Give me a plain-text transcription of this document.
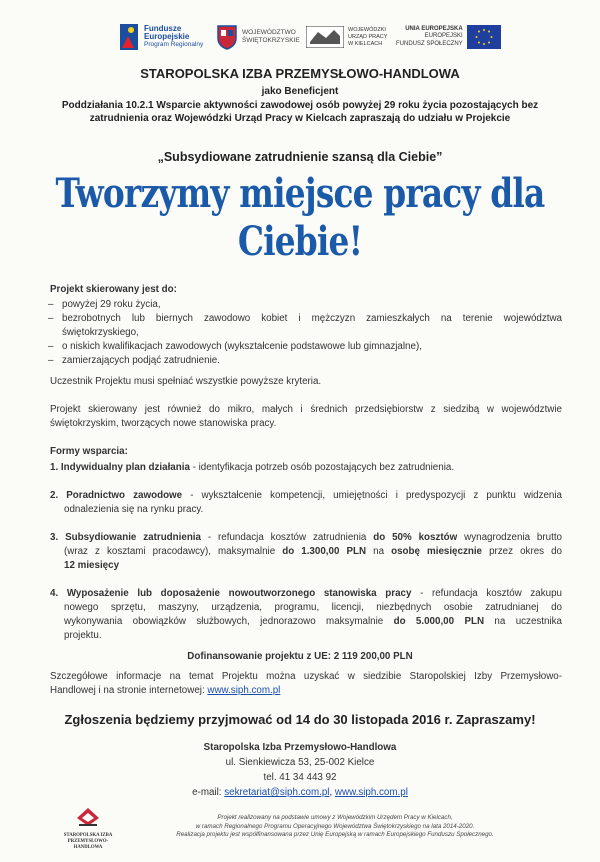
Fundusze
Europejskie
Program Regionalny
WOJEWÓDZTWO
ŚWIĘTOKRZYSKIE
WOJEWÓDZKI
URZĄD PRACY
W KIELCACH
UNIA EUROPEJSKA
EUROPEJSKI
FUNDUSZ SPOŁECZNY
STAROPOLSKA IZBA PRZEMYSŁOWO-HANDLOWA
jako Beneficjent
Poddziałania 10.2.1 Wsparcie aktywności zawodowej osób powyżej 29 roku życia pozostających bez
zatrudnienia oraz Wojewódzki Urząd Pracy w Kielcach zapraszają do udziału w Projekcie
„Subsydiowane zatrudnienie szansą dla Ciebie”
Tworzymy miejsce pracy dla
Ciebie!
Projekt skierowany jest do:
– powyżej 29 roku życia,
– bezrobotnych lub biernych zawodowo kobiet i mężczyzn zamieszkałych na terenie województwa
świętokrzyskiego,
– o niskich kwalifikacjach zawodowych (wykształcenie podstawowe lub gimnazjalne),
– zamierzających podjąć zatrudnienie.
Uczestnik Projektu musi spełniać wszystkie powyższe kryteria.
Projekt skierowany jest również do mikro, małych i średnich przedsiębiorstw z siedzibą w województwie
świętokrzyskim, tworzących nowe stanowiska pracy.
Formy wsparcia:
1. Indywidualny plan działania - identyfikacja potrzeb osób pozostających bez zatrudnienia.
2. Poradnictwo zawodowe - wykształcenie kompetencji, umiejętności i predyspozycji z punktu widzenia
odnalezienia się na rynku pracy.
3. Subsydiowanie zatrudnienia - refundacja kosztów zatrudnienia do 50% kosztów wynagrodzenia brutto
(wraz z kosztami pracodawcy), maksymalnie do 1.300,00 PLN na osobę miesięcznie przez okres do
12 miesięcy
4. Wyposażenie lub doposażenie nowoutworzonego stanowiska pracy - refundacja kosztów zakupu
nowego sprzętu, maszyny, urządzenia, programu, licencji, niezbędnych osobie zatrudnianej do
wykonywania obowiązków służbowych, jednorazowo maksymalnie do 5.000,00 PLN na uczestnika
projektu.
Dofinansowanie projektu z UE: 2 119 200,00 PLN
Szczegółowe informacje na temat Projektu można uzyskać w siedzibie Staropolskiej Izby Przemysłowo-
Handlowej i na stronie internetowej: www.siph.com.pl
Zgłoszenia będziemy przyjmować od 14 do 30 listopada 2016 r. Zapraszamy!
Staropolska Izba Przemysłowo-Handlowa
ul. Sienkiewicza 53, 25-002 Kielce
tel. 41 34 443 92
e-mail: sekretariat@siph.com.pl, www.siph.com.pl
STAROPOLSKA IZBA
PRZEMYSŁOWO-HANDLOWA
Projekt realizowany na podstawie umowy z Wojewódzkim Urzędem Pracy w Kielcach,
w ramach Regionalnego Programu Operacyjnego Województwa Świętokrzyskiego na lata 2014-2020.
Realizacja projektu jest współfinansowana przez Unię Europejską w ramach Europejskiego Funduszu Społecznego.
